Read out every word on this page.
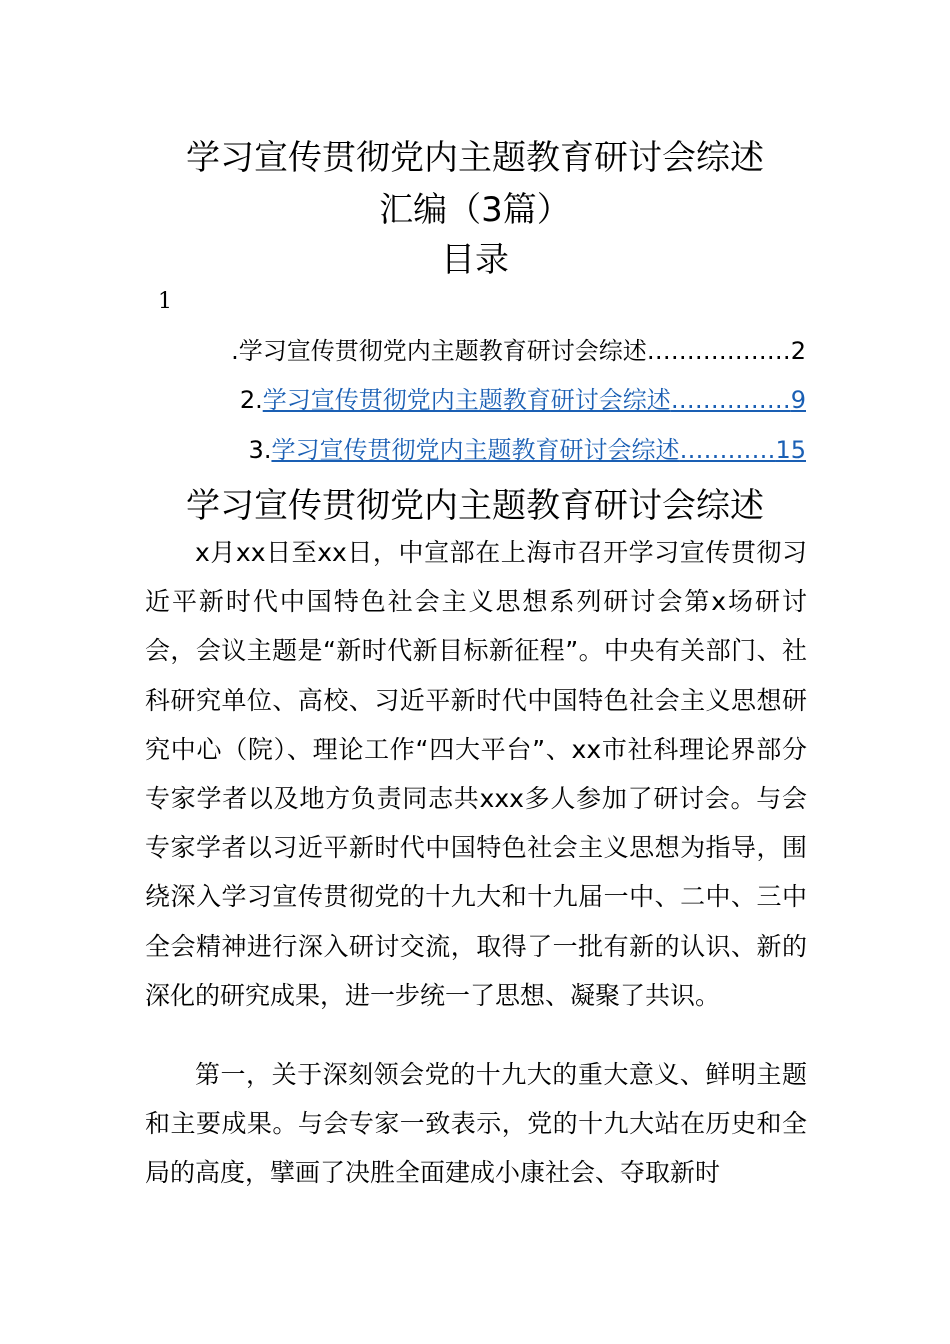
学习宣传贯彻党内主题教育研讨会综述
汇编（3篇）
目录
1
.学习宣传贯彻党内主题教育研讨会综述………………2
2.学习宣传贯彻党内主题教育研讨会综述……………9
3.学习宣传贯彻党内主题教育研讨会综述…………15
学习宣传贯彻党内主题教育研讨会综述

x月xx日至xx日，中宣部在上海市召开学习宣传贯彻习近平新时代中国特色社会主义思想系列研讨会第x场研讨会，会议主题是“新时代新目标新征程”。中央有关部门、社科研究单位、高校、习近平新时代中国特色社会主义思想研究中心（院）、理论工作“四大平台”、xx市社科理论界部分专家学者以及地方负责同志共xxx多人参加了研讨会。与会专家学者以习近平新时代中国特色社会主义思想为指导，围绕深入学习宣传贯彻党的十九大和十九届一中、二中、三中全会精神进行深入研讨交流，取得了一批有新的认识、新的深化的研究成果，进一步统一了思想、凝聚了共识。

第一，关于深刻领会党的十九大的重大意义、鲜明主题和主要成果。与会专家一致表示，党的十九大站在历史和全局的高度，擘画了决胜全面建成小康社会、夺取新时
